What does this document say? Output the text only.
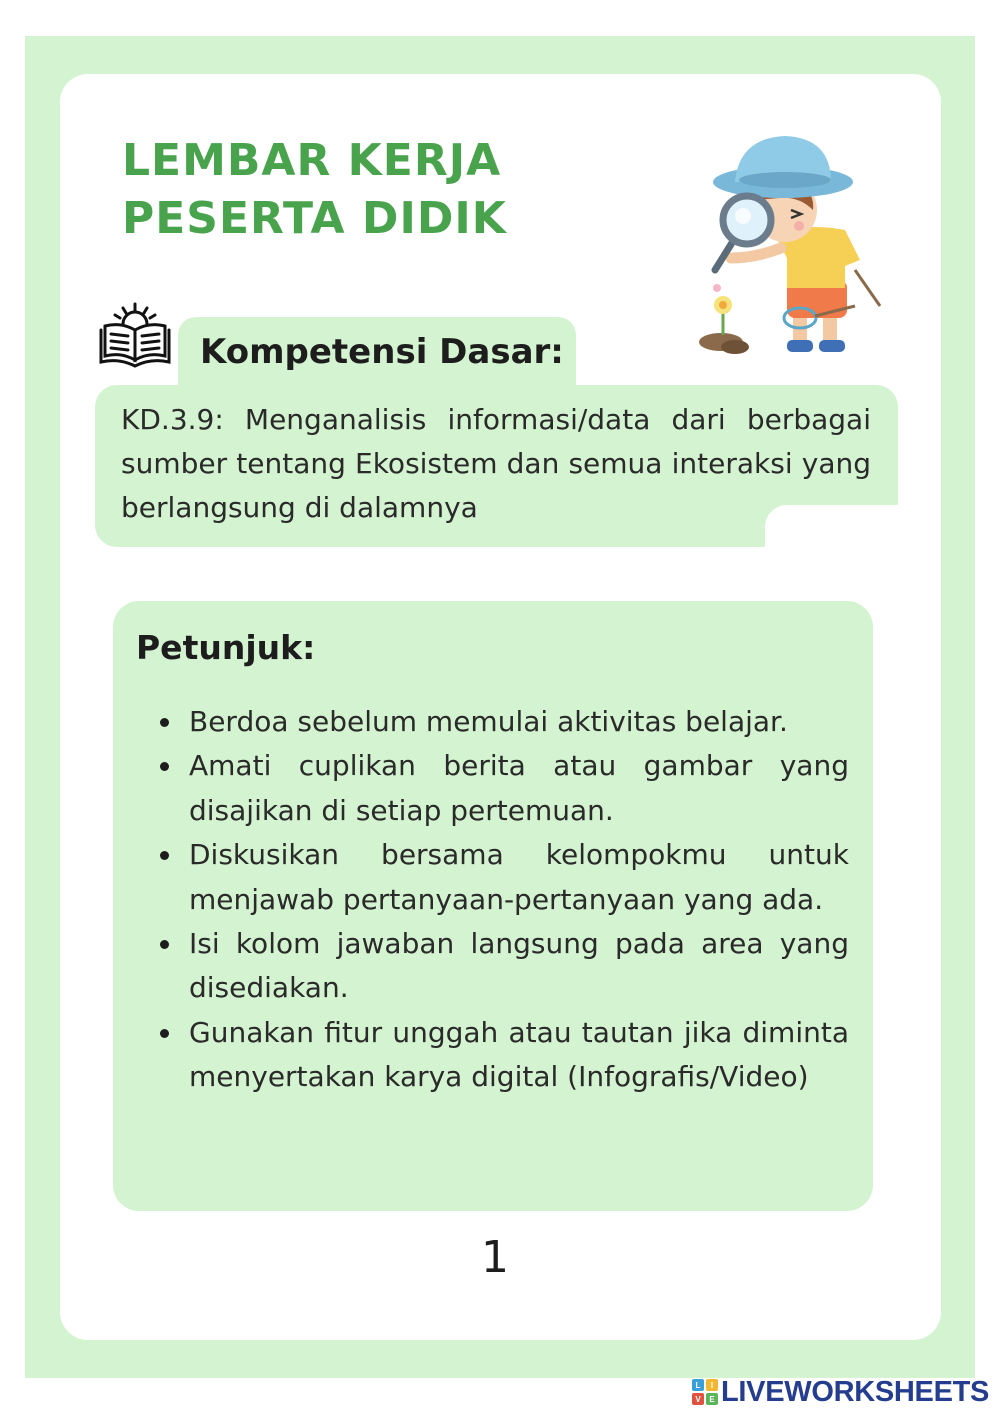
LEMBAR KERJA
PESERTA DIDIK
Kompetensi Dasar:

KD.3.9: Menganalisis informasi/data dari berbagai sumber tentang Ekosistem dan semua interaksi yang berlangsung di dalamnya

Petunjuk:
Berdoa sebelum memulai aktivitas belajar.
Amati cuplikan berita atau gambar yang disajikan di setiap pertemuan.
Diskusikan bersama kelompokmu untuk menjawab pertanyaan-pertanyaan yang ada.
Isi kolom jawaban langsung pada area yang disediakan.
Gunakan fitur unggah atau tautan jika diminta menyertakan karya digital (Infografis/Video)
1
L I
V E LIVEWORKSHEETS
